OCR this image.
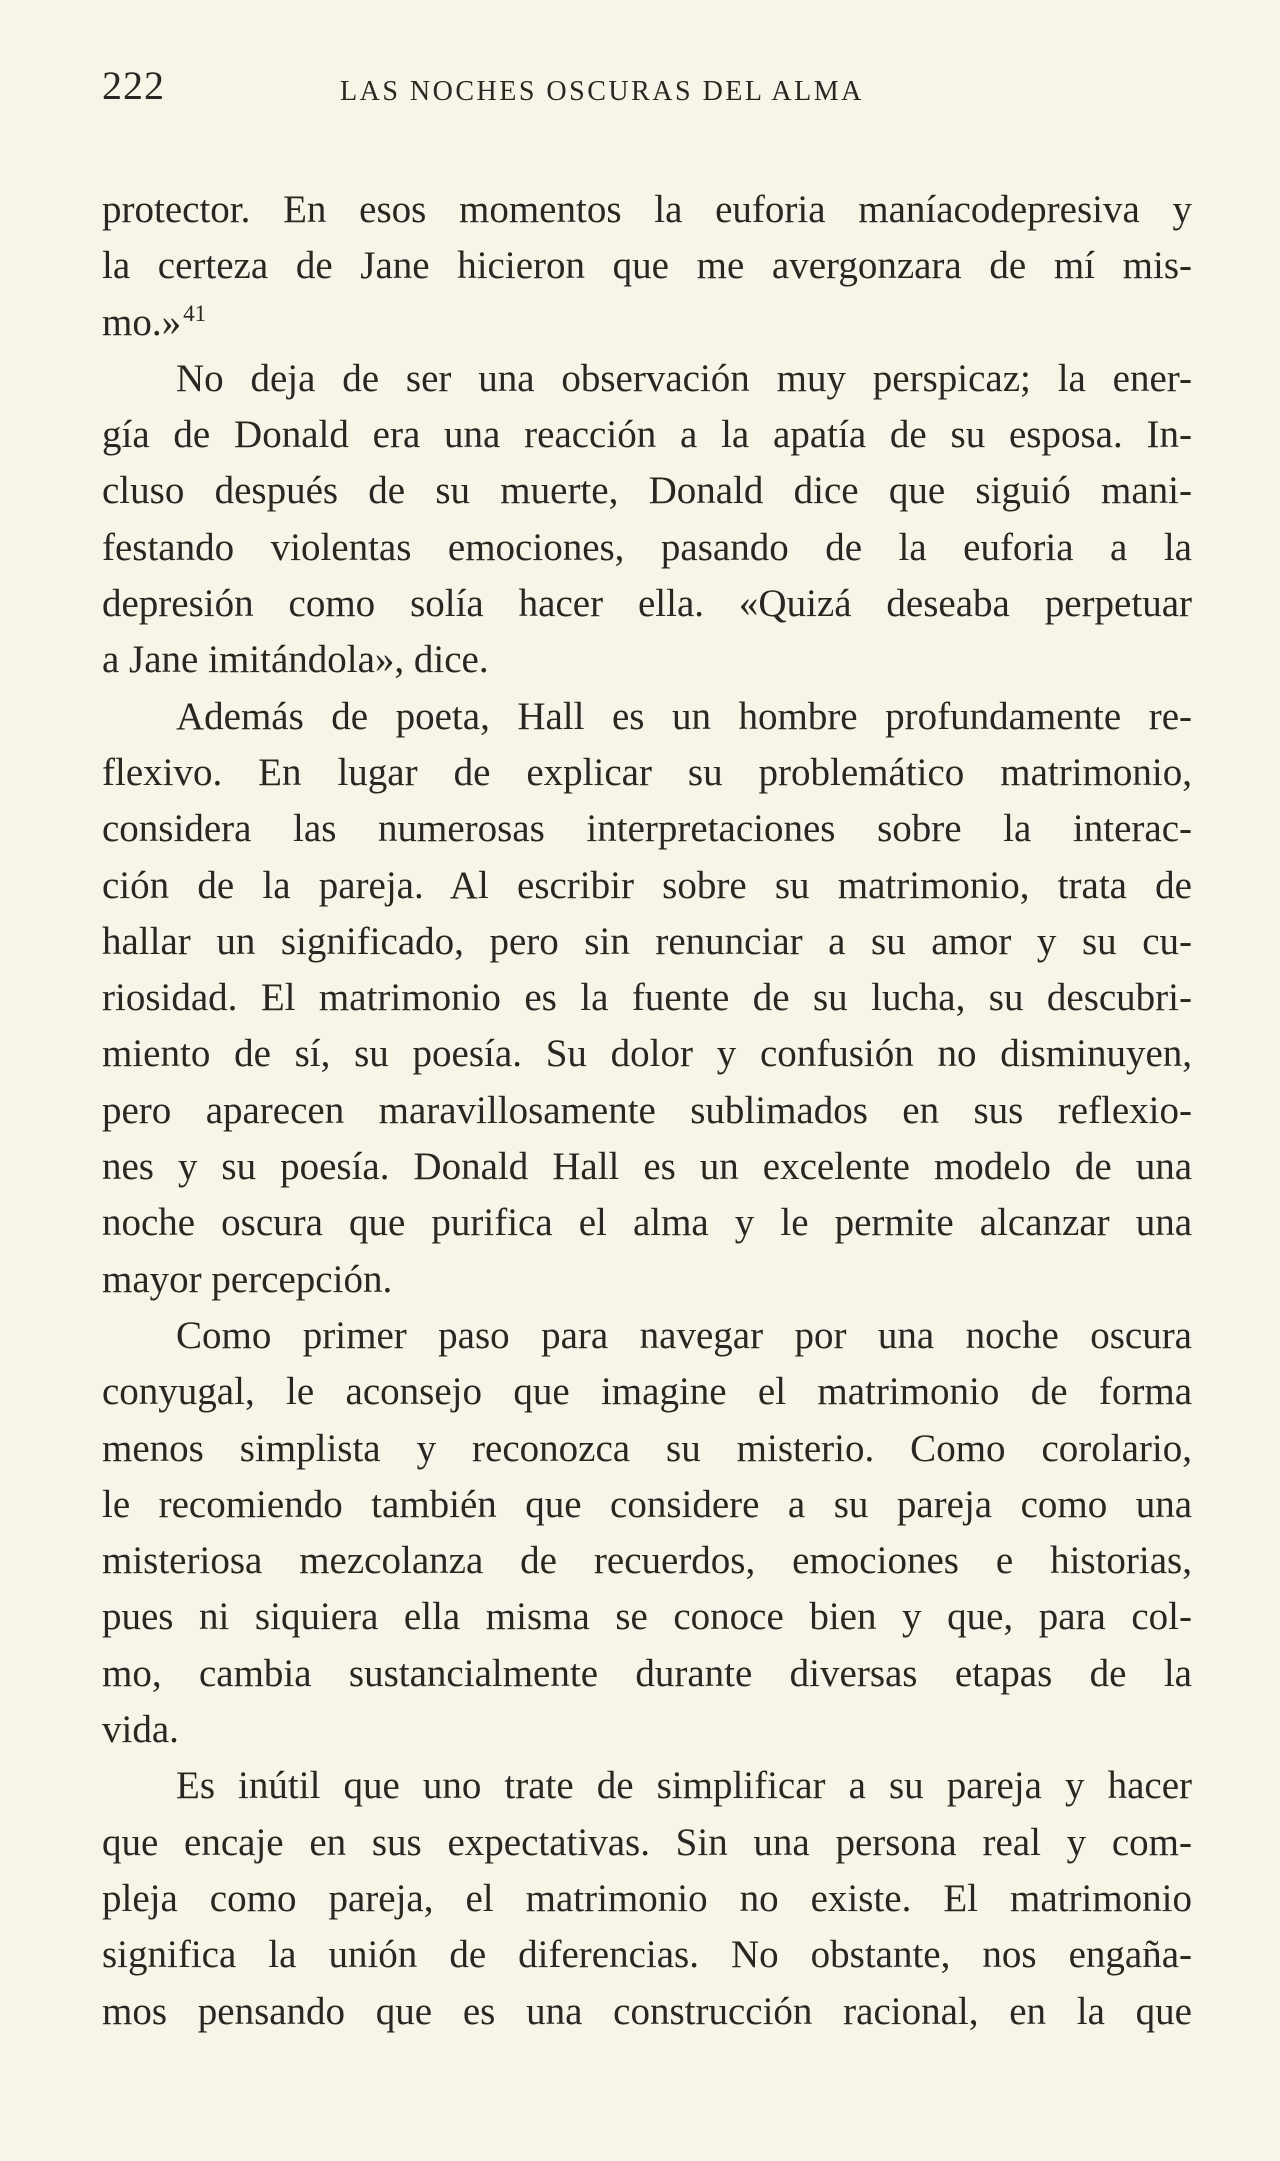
222	LAS NOCHES OSCURAS DEL ALMA
protector. En esos momentos la euforia maníacodepresiva y
la certeza de Jane hicieron que me avergonzara de mí mis-
mo.»$^{41}$
No deja de ser una observación muy perspicaz; la ener-
gía de Donald era una reacción a la apatía de su esposa. In-
cluso después de su muerte, Donald dice que siguió mani-
festando violentas emociones, pasando de la euforia a la
depresión como solía hacer ella. «Quizá deseaba perpetuar
a Jane imitándola», dice.
Además de poeta, Hall es un hombre profundamente re-
flexivo. En lugar de explicar su problemático matrimonio,
considera las numerosas interpretaciones sobre la interac-
ción de la pareja. Al escribir sobre su matrimonio, trata de
hallar un significado, pero sin renunciar a su amor y su cu-
riosidad. El matrimonio es la fuente de su lucha, su descubri-
miento de sí, su poesía. Su dolor y confusión no disminuyen,
pero aparecen maravillosamente sublimados en sus reflexio-
nes y su poesía. Donald Hall es un excelente modelo de una
noche oscura que purifica el alma y le permite alcanzar una
mayor percepción.
Como primer paso para navegar por una noche oscura
conyugal, le aconsejo que imagine el matrimonio de forma
menos simplista y reconozca su misterio. Como corolario,
le recomiendo también que considere a su pareja como una
misteriosa mezcolanza de recuerdos, emociones e historias,
pues ni siquiera ella misma se conoce bien y que, para col-
mo, cambia sustancialmente durante diversas etapas de la
vida.
Es inútil que uno trate de simplificar a su pareja y hacer
que encaje en sus expectativas. Sin una persona real y com-
pleja como pareja, el matrimonio no existe. El matrimonio
significa la unión de diferencias. No obstante, nos engaña-
mos pensando que es una construcción racional, en la que
